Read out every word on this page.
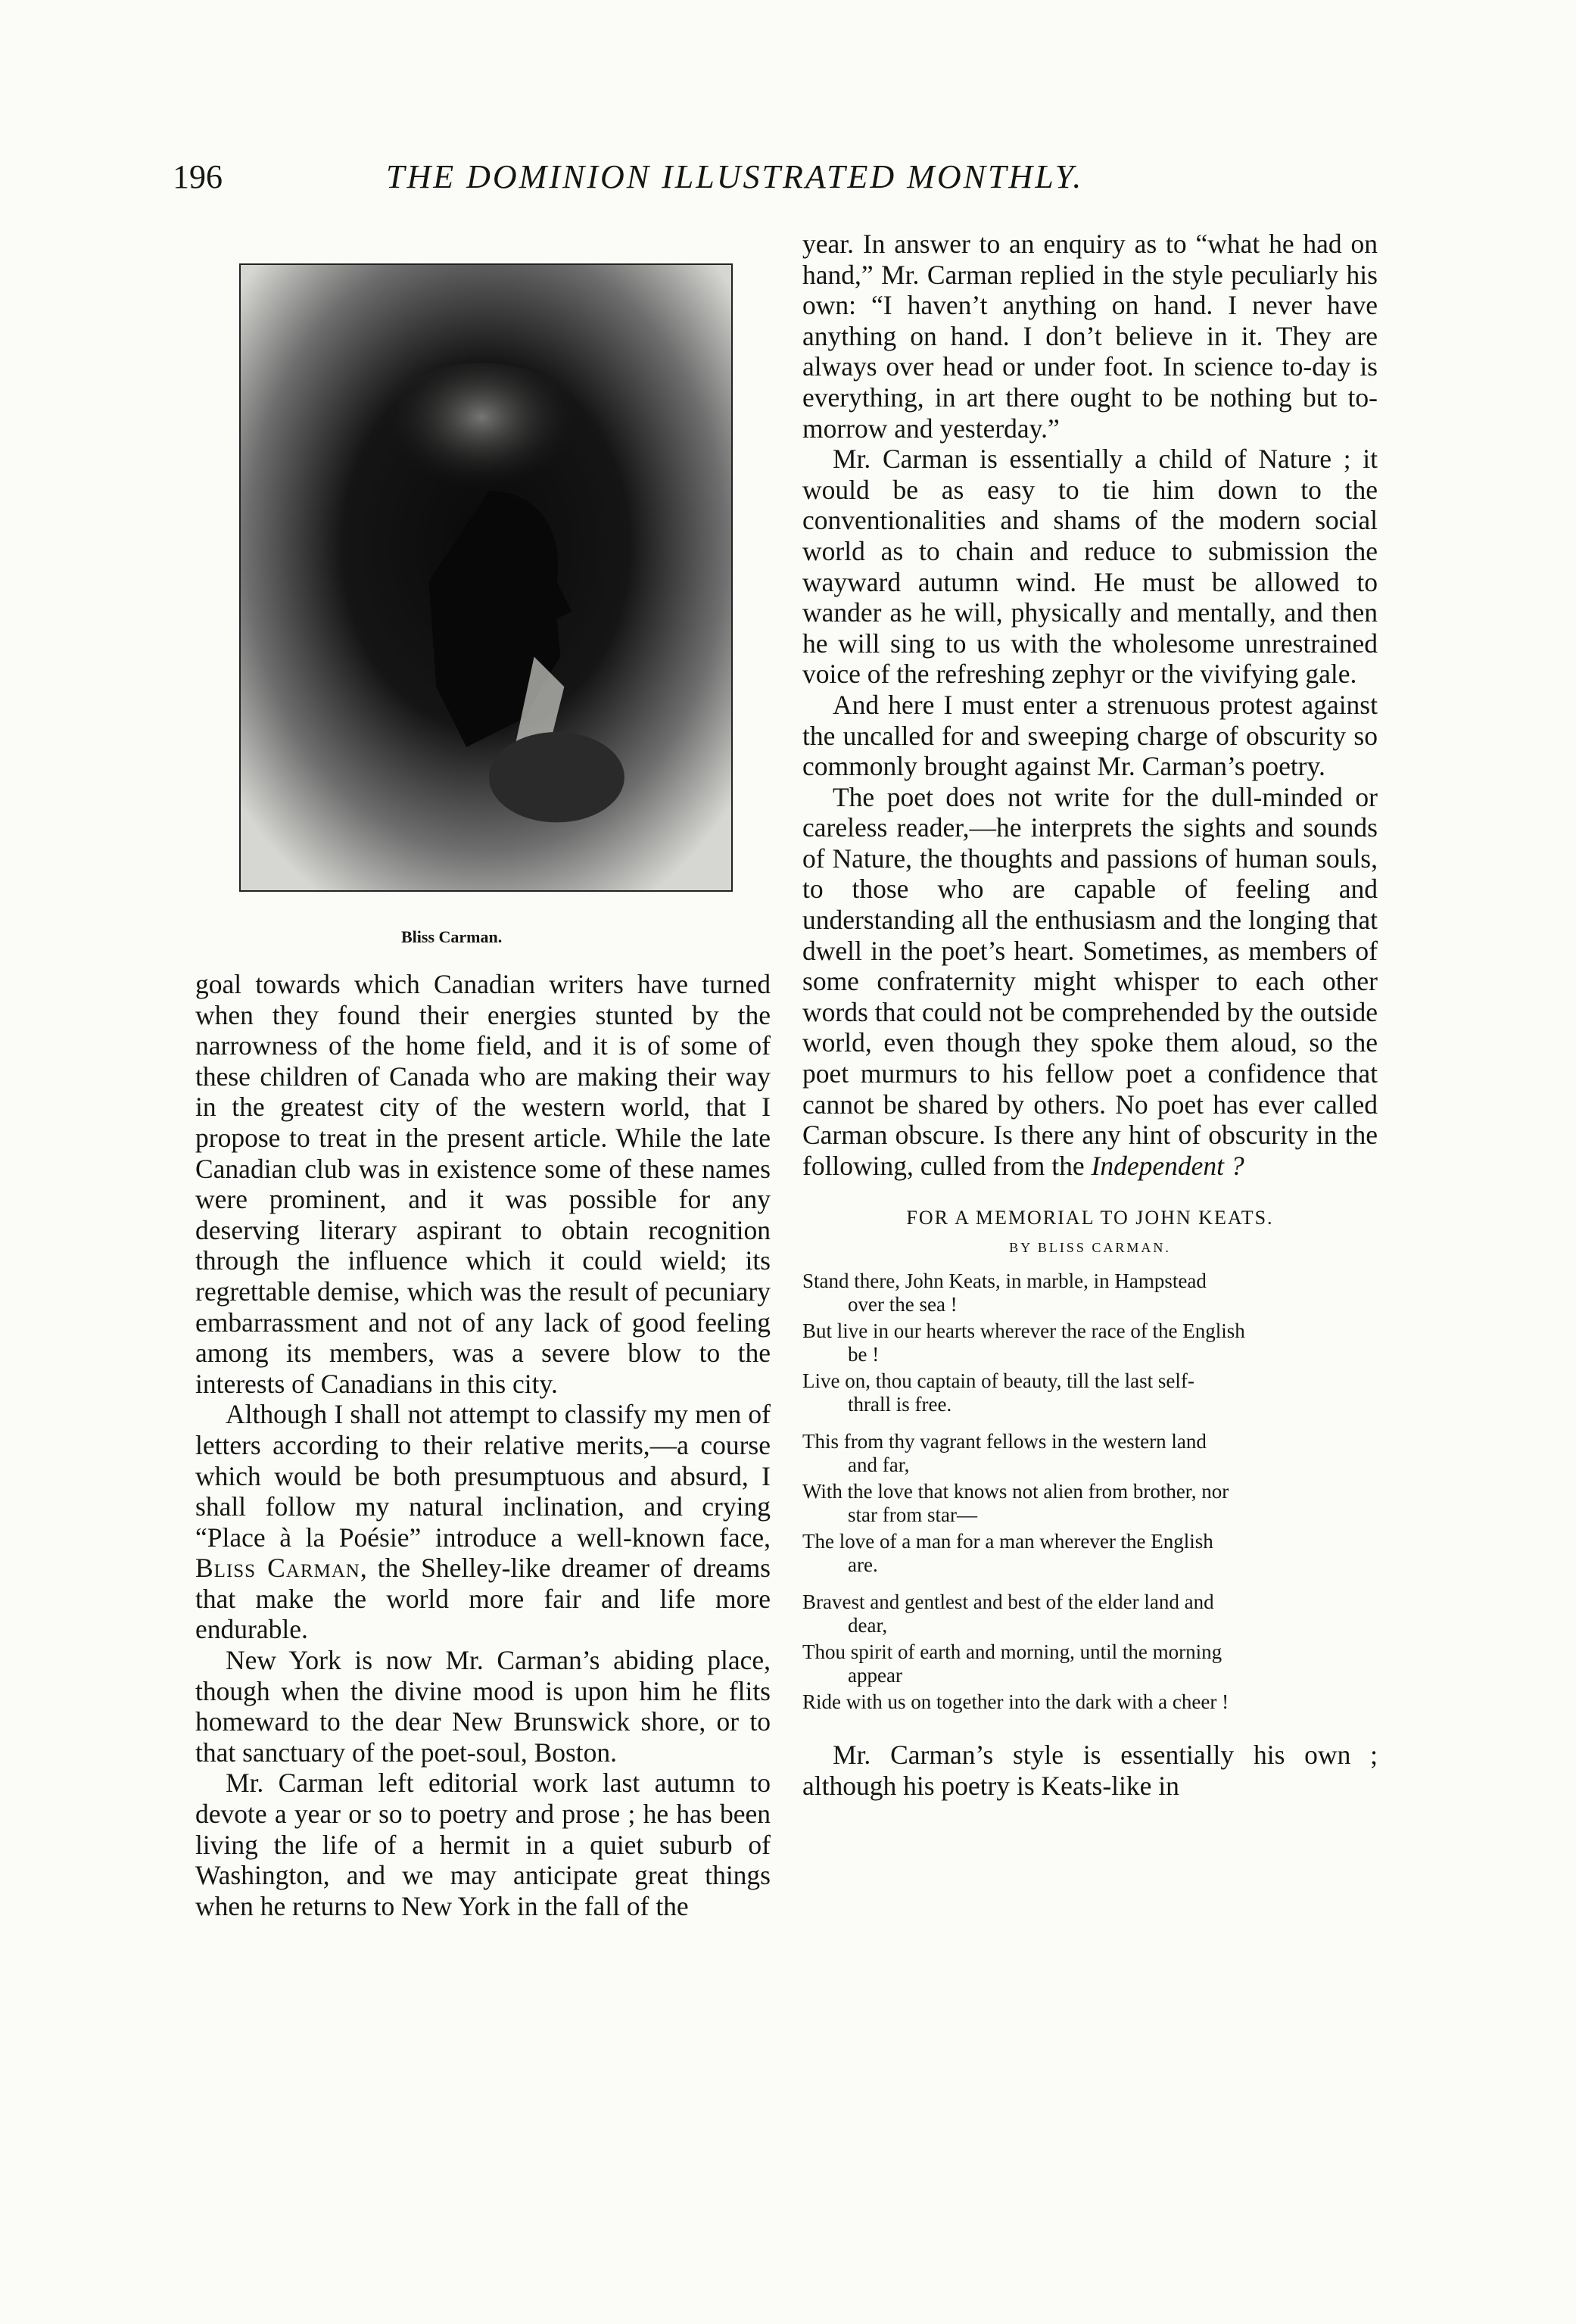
196	THE DOMINION ILLUSTRATED MONTHLY.
Bliss Carman.

goal towards which Canadian writers have turned when they found their energies stunted by the narrowness of the home field, and it is of some of these children of Canada who are making their way in the greatest city of the western world, that I propose to treat in the present article. While the late Canadian club was in existence some of these names were prominent, and it was possible for any deserving literary aspirant to obtain recognition through the influence which it could wield; its regrettable demise, which was the result of pecuniary embarrassment and not of any lack of good feeling among its members, was a severe blow to the interests of Canadians in this city.

Although I shall not attempt to classify my men of letters according to their relative merits,—a course which would be both presumptuous and absurd, I shall follow my natural inclination, and crying “Place à la Poésie” introduce a well-known face, Bliss Carman, the Shelley-like dreamer of dreams that make the world more fair and life more endurable.

New York is now Mr. Carman’s abiding place, though when the divine mood is upon him he flits homeward to the dear New Brunswick shore, or to that sanctuary of the poet-soul, Boston.

Mr. Carman left editorial work last autumn to devote a year or so to poetry and prose ; he has been living the life of a hermit in a quiet suburb of Washington, and we may anticipate great things when he returns to New York in the fall of the

year. In answer to an enquiry as to “what he had on hand,” Mr. Carman replied in the style peculiarly his own: “I haven’t anything on hand. I never have anything on hand. I don’t believe in it. They are always over head or under foot. In science to-day is everything, in art there ought to be nothing but to-morrow and yesterday.”

Mr. Carman is essentially a child of Nature ; it would be as easy to tie him down to the conventionalities and shams of the modern social world as to chain and reduce to submission the wayward autumn wind. He must be allowed to wander as he will, physically and mentally, and then he will sing to us with the wholesome unrestrained voice of the refreshing zephyr or the vivifying gale.

And here I must enter a strenuous protest against the uncalled for and sweeping charge of obscurity so commonly brought against Mr. Carman’s poetry.

The poet does not write for the dull-minded or careless reader,—he interprets the sights and sounds of Nature, the thoughts and passions of human souls, to those who are capable of feeling and understanding all the enthusiasm and the longing that dwell in the poet’s heart. Sometimes, as members of some confraternity might whisper to each other words that could not be comprehended by the outside world, even though they spoke them aloud, so the poet murmurs to his fellow poet a confidence that cannot be shared by others. No poet has ever called Carman obscure. Is there any hint of obscurity in the following, culled from the Independent ?

FOR A MEMORIAL TO JOHN KEATS.
BY BLISS CARMAN.

Stand there, John Keats, in marble, in Hampstead

over the sea !

But live in our hearts wherever the race of the English

be !

Live on, thou captain of beauty, till the last self-

thrall is free.

This from thy vagrant fellows in the western land

and far,

With the love that knows not alien from brother, nor

star from star—

The love of a man for a man wherever the English

are.

Bravest and gentlest and best of the elder land and

dear,

Thou spirit of earth and morning, until the morning

appear

Ride with us on together into the dark with a cheer !

Mr. Carman’s style is essentially his own ; although his poetry is Keats-like in
